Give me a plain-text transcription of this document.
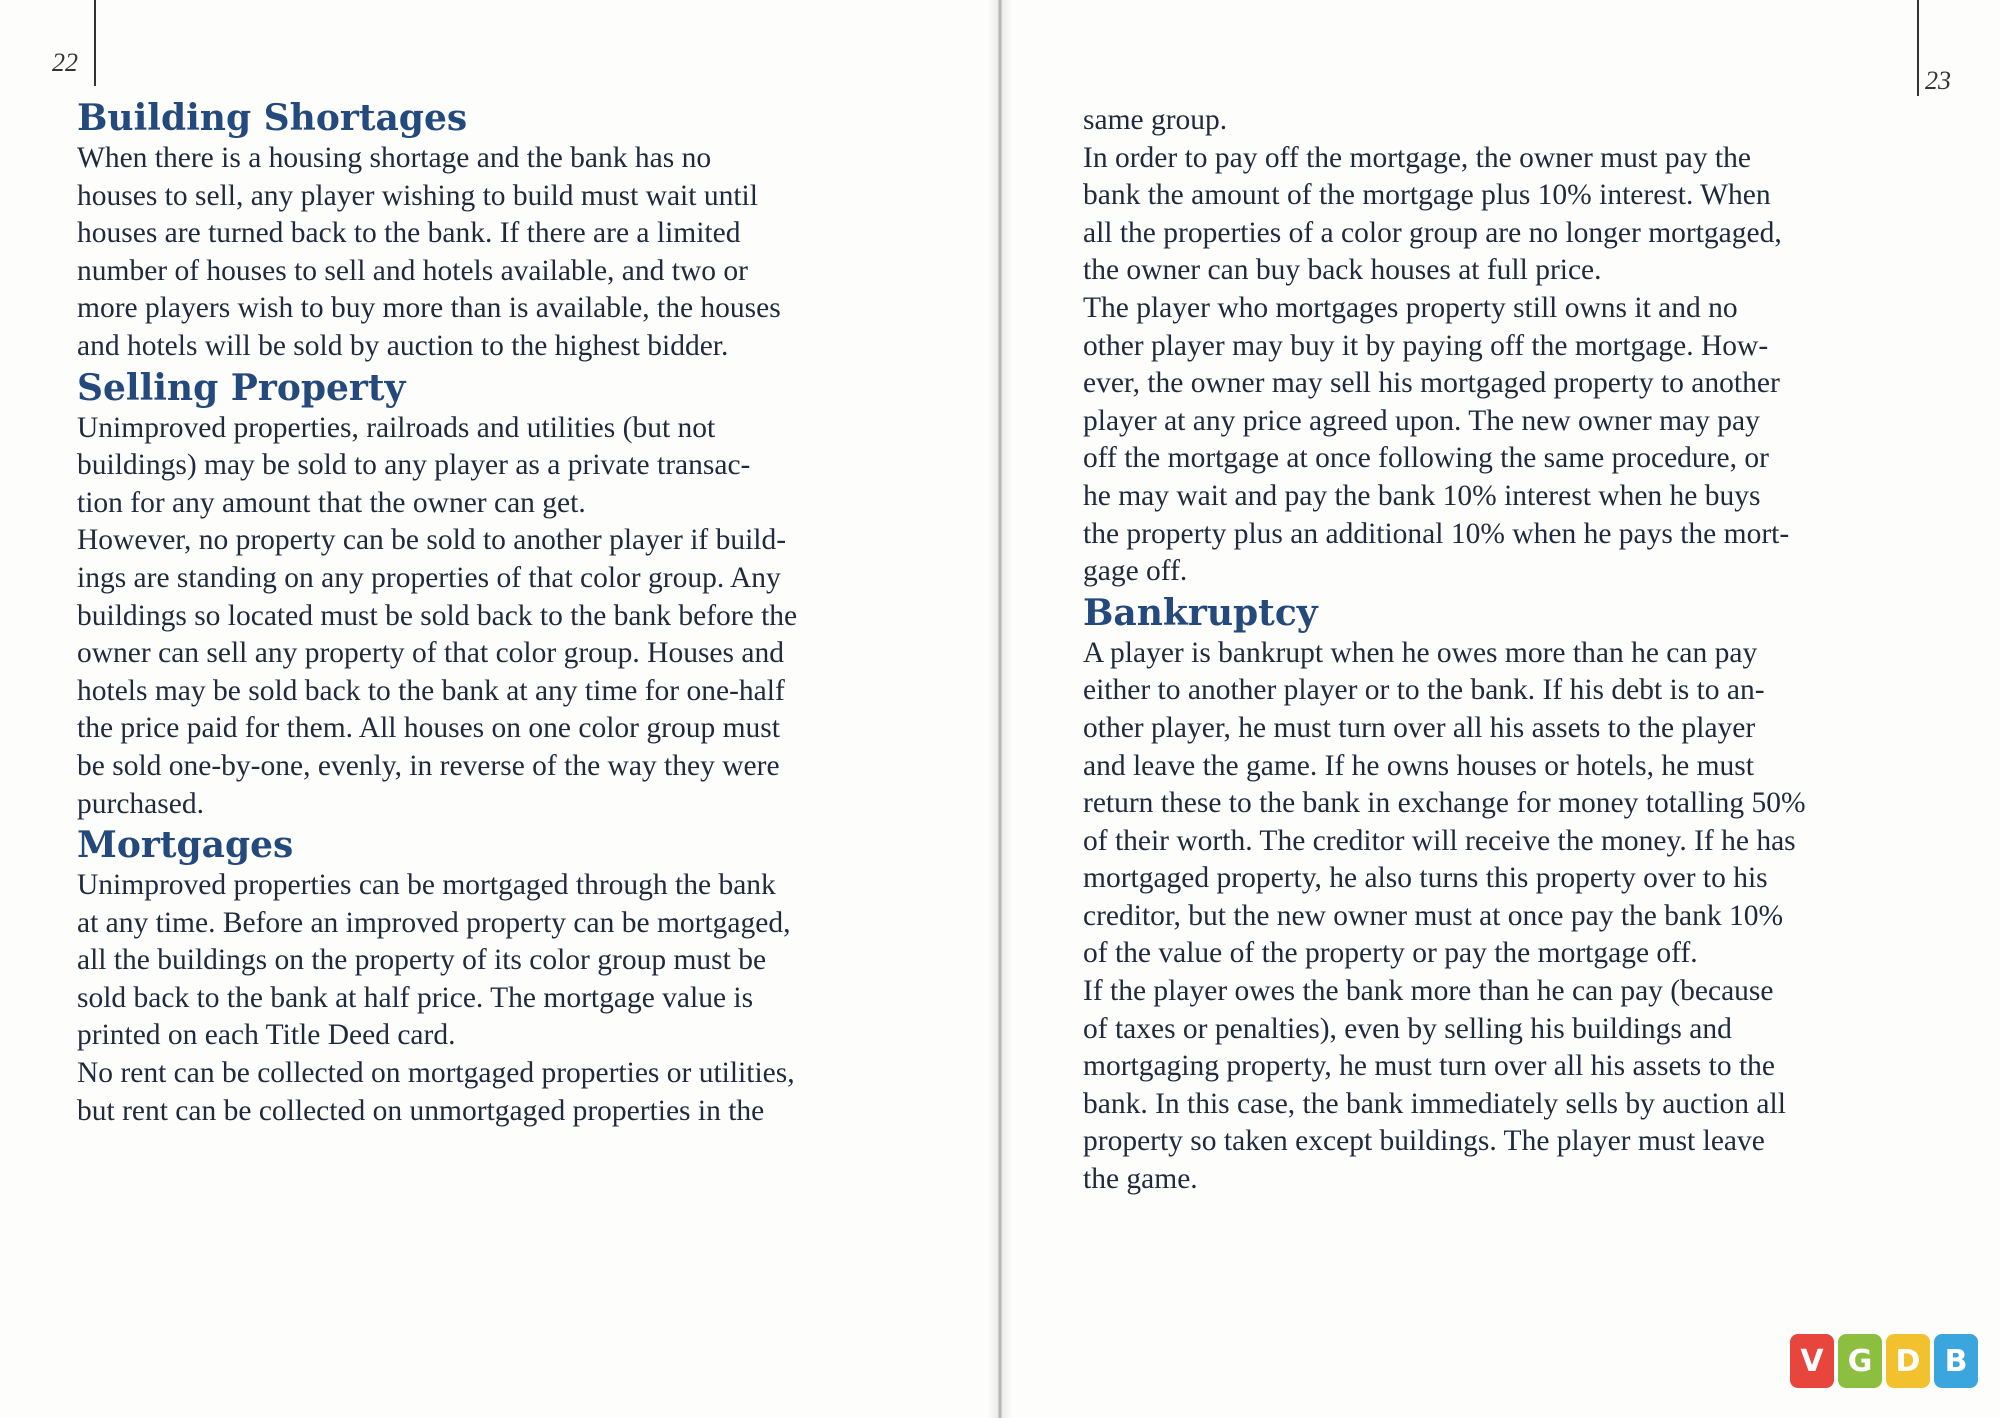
22
23
Building Shortages

When there is a housing shortage and the bank has no
houses to sell, any player wishing to build must wait until
houses are turned back to the bank. If there are a limited
number of houses to sell and hotels available, and two or
more players wish to buy more than is available, the houses
and hotels will be sold by auction to the highest bidder.

Selling Property

Unimproved properties, railroads and utilities (but not
buildings) may be sold to any player as a private transac-
tion for any amount that the owner can get.

However, no property can be sold to another player if build-
ings are standing on any properties of that color group. Any
buildings so located must be sold back to the bank before the
owner can sell any property of that color group. Houses and
hotels may be sold back to the bank at any time for one-half
the price paid for them. All houses on one color group must
be sold one-by-one, evenly, in reverse of the way they were
purchased.

Mortgages

Unimproved properties can be mortgaged through the bank
at any time. Before an improved property can be mortgaged,
all the buildings on the property of its color group must be
sold back to the bank at half price. The mortgage value is
printed on each Title Deed card.

No rent can be collected on mortgaged properties or utilities,
but rent can be collected on unmortgaged properties in the

same group.
In order to pay off the mortgage, the owner must pay the
bank the amount of the mortgage plus 10% interest. When
all the properties of a color group are no longer mortgaged,
the owner can buy back houses at full price.

The player who mortgages property still owns it and no
other player may buy it by paying off the mortgage. How-
ever, the owner may sell his mortgaged property to another
player at any price agreed upon. The new owner may pay
off the mortgage at once following the same procedure, or
he may wait and pay the bank 10% interest when he buys
the property plus an additional 10% when he pays the mort-
gage off.

Bankruptcy

A player is bankrupt when he owes more than he can pay
either to another player or to the bank. If his debt is to an-
other player, he must turn over all his assets to the player
and leave the game. If he owns houses or hotels, he must
return these to the bank in exchange for money totalling 50%
of their worth. The creditor will receive the money. If he has
mortgaged property, he also turns this property over to his
creditor, but the new owner must at once pay the bank 10%
of the value of the property or pay the mortgage off.

If the player owes the bank more than he can pay (because
of taxes or penalties), even by selling his buildings and
mortgaging property, he must turn over all his assets to the
bank. In this case, the bank immediately sells by auction all
property so taken except buildings. The player must leave
the game.

V G D B
